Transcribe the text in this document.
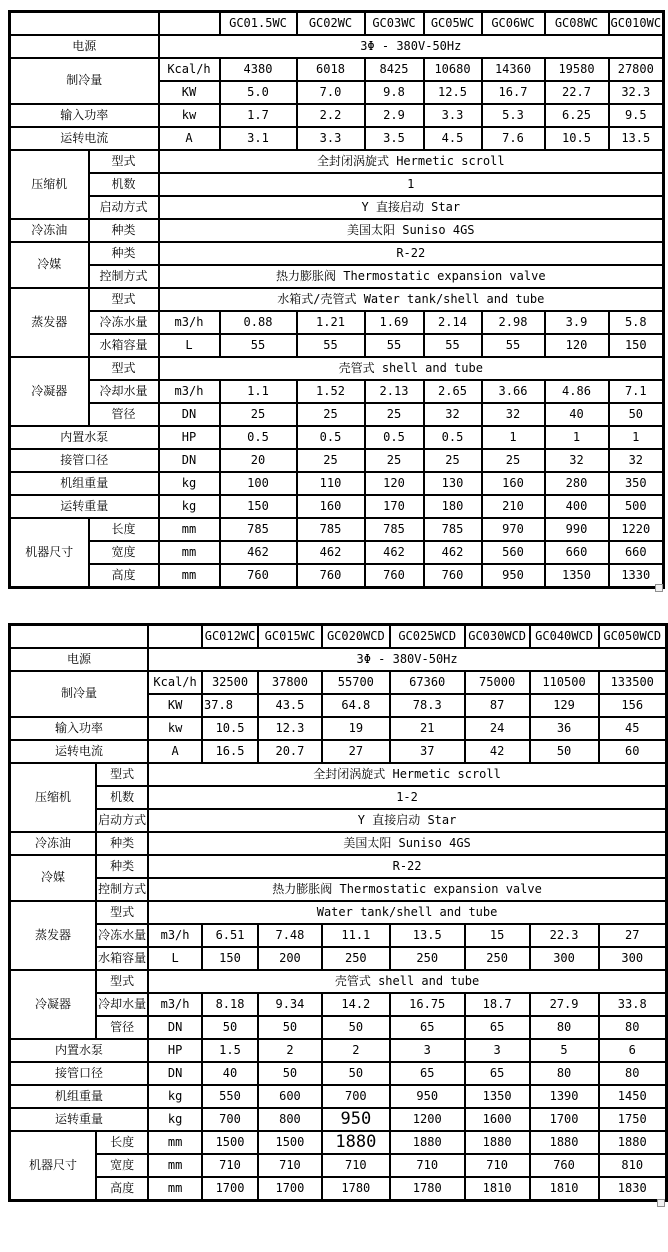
			GC01.5WC	GC02WC	GC03WC	GC05WC	GC06WC	GC08WC	GC010WC
电源		3Φ - 380V-50Hz							
制冷量		Kcal/h	4380	6018	8425	10680	14360	19580	27800
		KW	5.0	7.0	9.8	12.5	16.7	22.7	32.3
输入功率		kw	1.7	2.2	2.9	3.3	5.3	6.25	9.5
运转电流		A	3.1	3.3	3.5	4.5	7.6	10.5	13.5
压缩机	型式	全封闭涡旋式 Hermetic scroll							
	机数	1							
	启动方式	Y 直接启动 Star							
冷冻油	种类	美国太阳 Suniso 4GS							
冷媒	种类	R-22							
	控制方式	热力膨胀阀 Thermostatic expansion valve							
蒸发器	型式	水箱式/壳管式 Water tank/shell and tube							
	冷冻水量	m3/h	0.88	1.21	1.69	2.14	2.98	3.9	5.8
	水箱容量	L	55	55	55	55	55	120	150
冷凝器	型式	壳管式 shell and tube							
	冷却水量	m3/h	1.1	1.52	2.13	2.65	3.66	4.86	7.1
	管径	DN	25	25	25	32	32	40	50
内置水泵		HP	0.5	0.5	0.5	0.5	1	1	1
接管口径		DN	20	25	25	25	25	32	32
机组重量		kg	100	110	120	130	160	280	350
运转重量		kg	150	160	170	180	210	400	500
机器尺寸	长度	mm	785	785	785	785	970	990	1220
	宽度	mm	462	462	462	462	560	660	660
	高度	mm	760	760	760	760	950	1350	1330
			GC012WC	GC015WC	GC020WCD	GC025WCD	GC030WCD	GC040WCD	GC050WCD
电源		3Φ - 380V-50Hz							
制冷量		Kcal/h	32500	37800	55700	67360	75000	110500	133500
		KW	37.8	43.5	64.8	78.3	87	129	156
输入功率		kw	10.5	12.3	19	21	24	36	45
运转电流		A	16.5	20.7	27	37	42	50	60
压缩机	型式	全封闭涡旋式 Hermetic scroll							
	机数	1-2							
	启动方式	Y 直接启动 Star							
冷冻油	种类	美国太阳 Suniso 4GS							
冷媒	种类	R-22							
	控制方式	热力膨胀阀 Thermostatic expansion valve							
蒸发器	型式	Water tank/shell and tube							
	冷冻水量	m3/h	6.51	7.48	11.1	13.5	15	22.3	27
	水箱容量	L	150	200	250	250	250	300	300
冷凝器	型式	壳管式 shell and tube							
	冷却水量	m3/h	8.18	9.34	14.2	16.75	18.7	27.9	33.8
	管径	DN	50	50	50	65	65	80	80
内置水泵		HP	1.5	2	2	3	3	5	6
接管口径		DN	40	50	50	65	65	80	80
机组重量		kg	550	600	700	950	1350	1390	1450
运转重量		kg	700	800	950	1200	1600	1700	1750
机器尺寸	长度	mm	1500	1500	1880	1880	1880	1880	1880
	宽度	mm	710	710	710	710	710	760	810
	高度	mm	1700	1700	1780	1780	1810	1810	1830
